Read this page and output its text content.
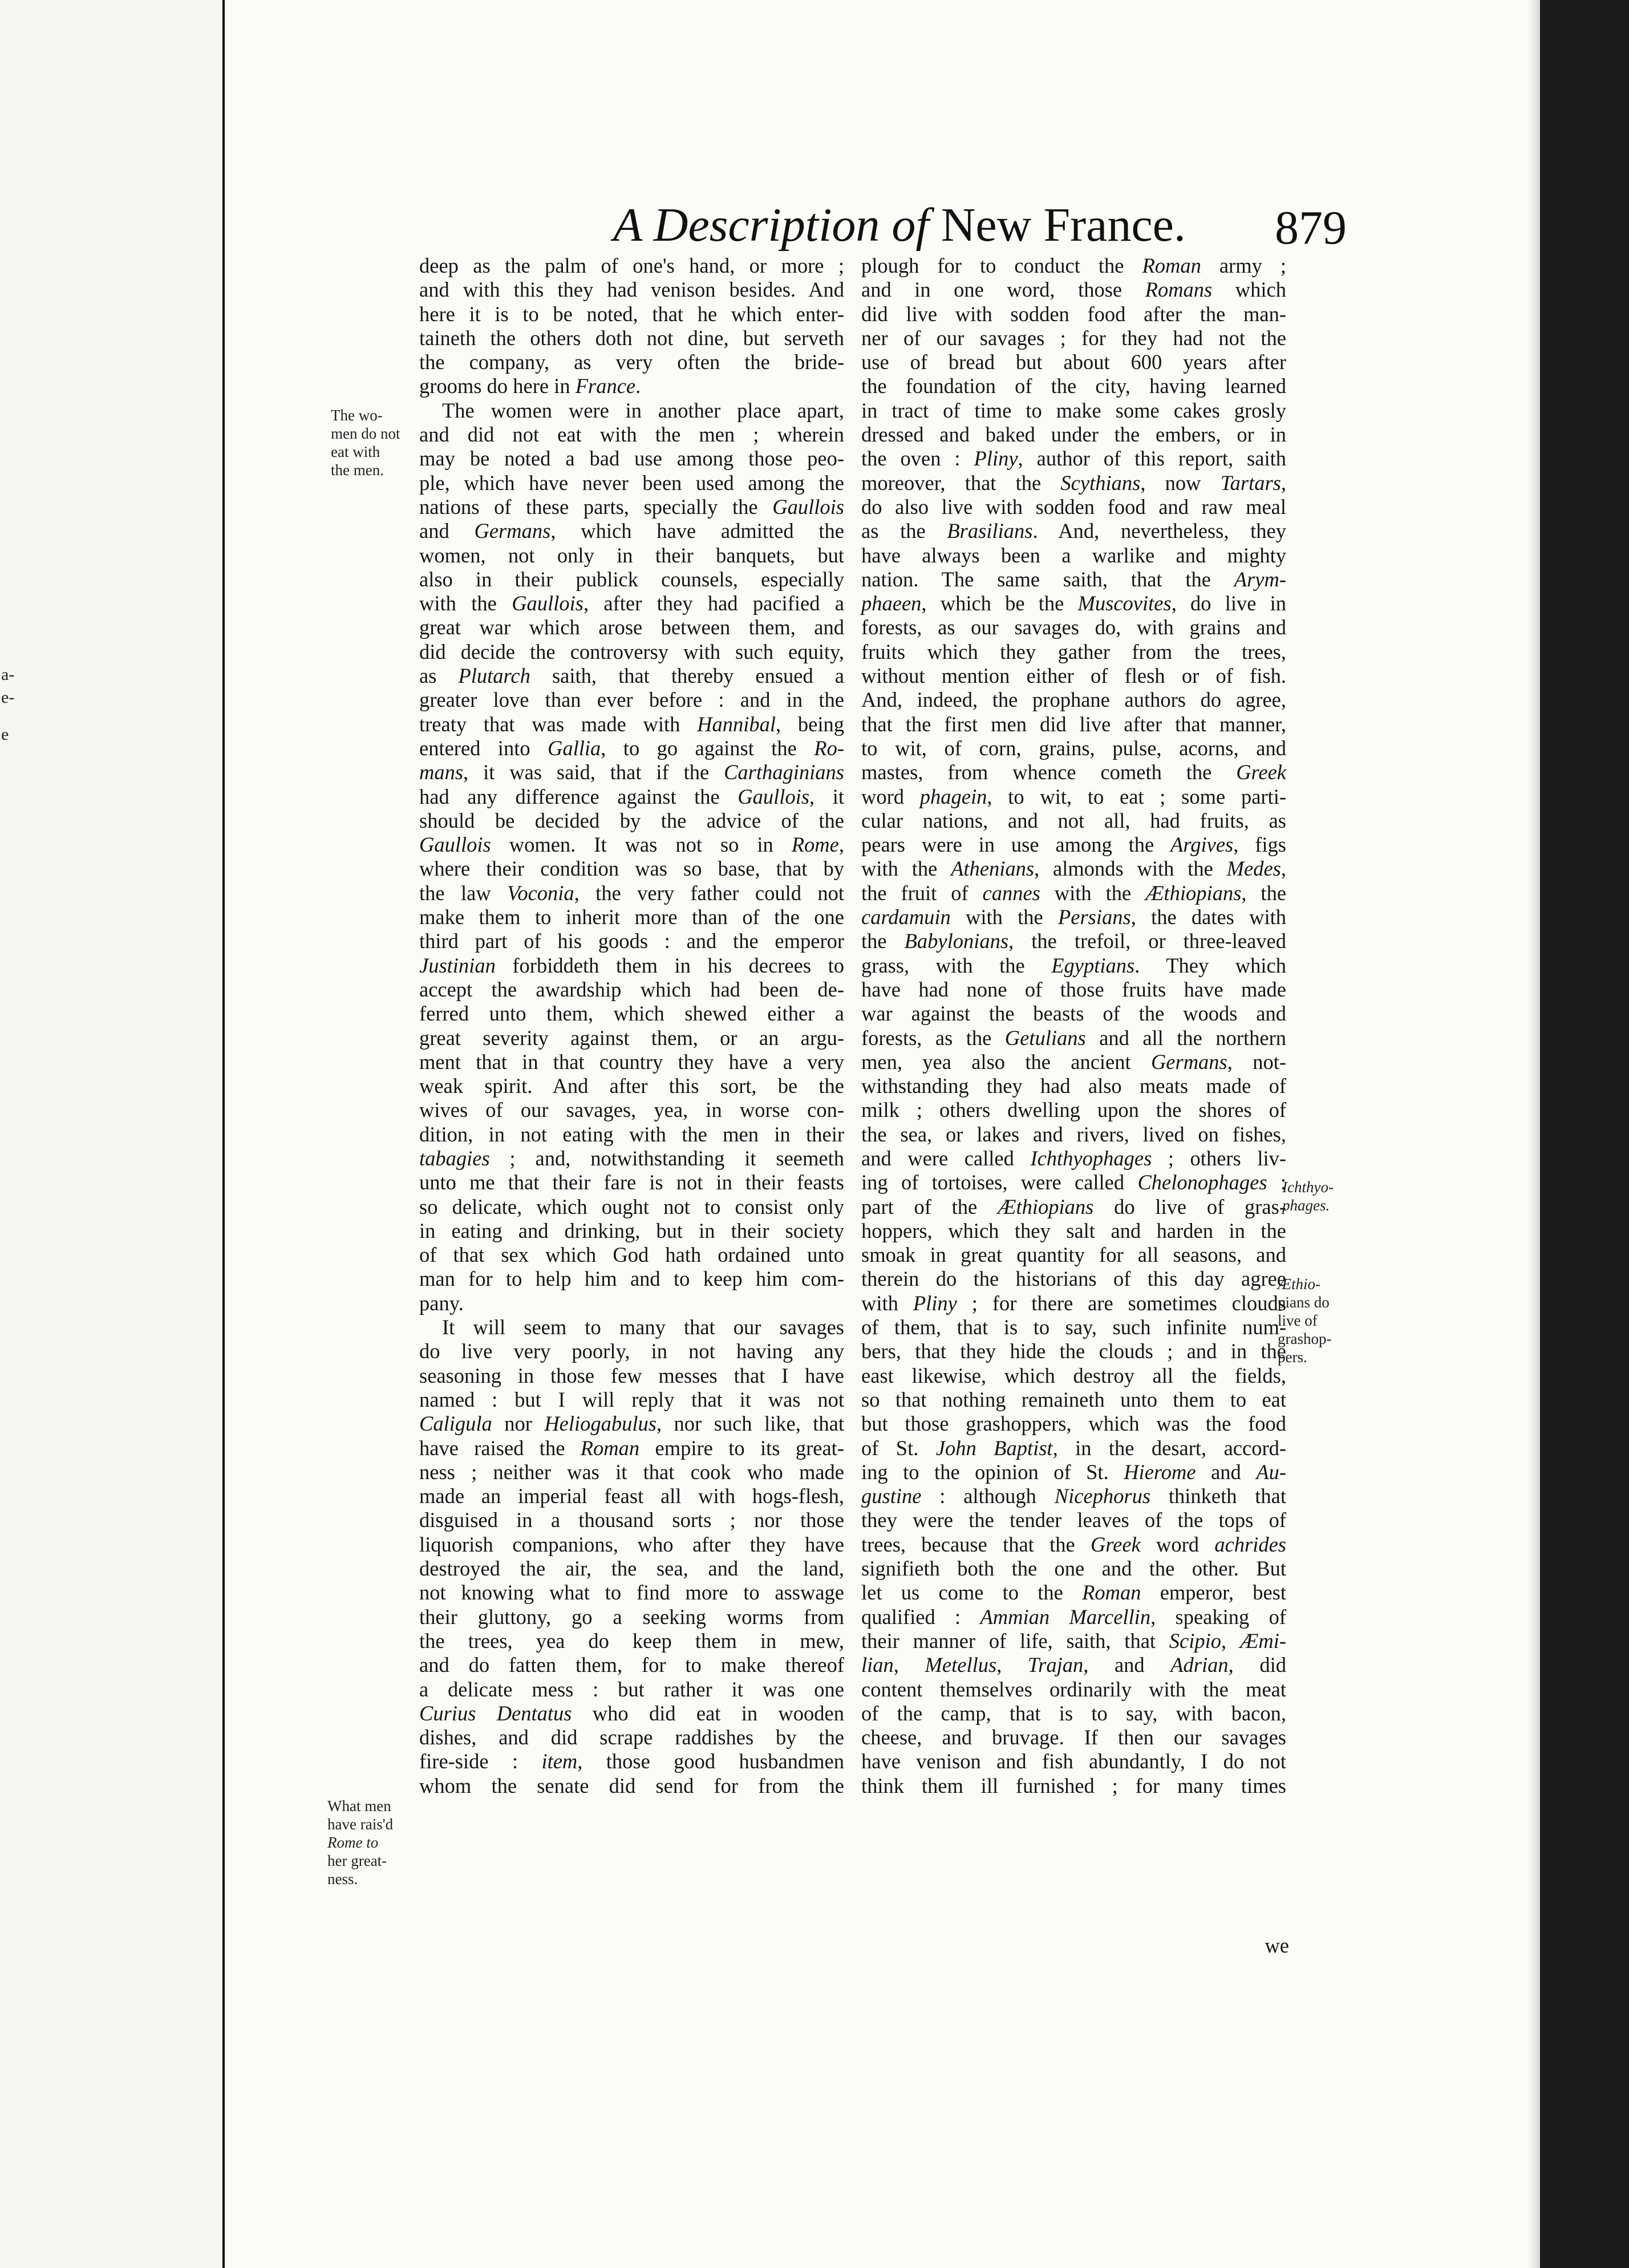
a-
e-
e
A Description of New France. 879
The wo-
men do not
eat with
the men.
What men
have rais'd
Rome to
her great-
ness.
Ichthyo-
phages.
Æthio-
pians do
live of
grashop-
pers.
deep as the palm of one's hand, or more ;
and with this they had venison besides. And
here it is to be noted, that he which enter-
taineth the others doth not dine, but serveth
the company, as very often the bride-
grooms do here in France.
The women were in another place apart,
and did not eat with the men ; wherein
may be noted a bad use among those peo-
ple, which have never been used among the
nations of these parts, specially the Gaullois
and Germans, which have admitted the
women, not only in their banquets, but
also in their publick counsels, especially
with the Gaullois, after they had pacified a
great war which arose between them, and
did decide the controversy with such equity,
as Plutarch saith, that thereby ensued a
greater love than ever before : and in the
treaty that was made with Hannibal, being
entered into Gallia, to go against the Ro-
mans, it was said, that if the Carthaginians
had any difference against the Gaullois, it
should be decided by the advice of the
Gaullois women. It was not so in Rome,
where their condition was so base, that by
the law Voconia, the very father could not
make them to inherit more than of the one
third part of his goods : and the emperor
Justinian forbiddeth them in his decrees to
accept the awardship which had been de-
ferred unto them, which shewed either a
great severity against them, or an argu-
ment that in that country they have a very
weak spirit. And after this sort, be the
wives of our savages, yea, in worse con-
dition, in not eating with the men in their
tabagies ; and, notwithstanding it seemeth
unto me that their fare is not in their feasts
so delicate, which ought not to consist only
in eating and drinking, but in their society
of that sex which God hath ordained unto
man for to help him and to keep him com-
pany.
It will seem to many that our savages
do live very poorly, in not having any
seasoning in those few messes that I have
named : but I will reply that it was not
Caligula nor Heliogabulus, nor such like, that
have raised the Roman empire to its great-
ness ; neither was it that cook who made
made an imperial feast all with hogs-flesh,
disguised in a thousand sorts ; nor those
liquorish companions, who after they have
destroyed the air, the sea, and the land,
not knowing what to find more to asswage
their gluttony, go a seeking worms from
the trees, yea do keep them in mew,
and do fatten them, for to make thereof
a delicate mess : but rather it was one
Curius Dentatus who did eat in wooden
dishes, and did scrape raddishes by the
fire-side : item, those good husbandmen
whom the senate did send for from the
plough for to conduct the Roman army ;
and in one word, those Romans which
did live with sodden food after the man-
ner of our savages ; for they had not the
use of bread but about 600 years after
the foundation of the city, having learned
in tract of time to make some cakes grosly
dressed and baked under the embers, or in
the oven : Pliny, author of this report, saith
moreover, that the Scythians, now Tartars,
do also live with sodden food and raw meal
as the Brasilians. And, nevertheless, they
have always been a warlike and mighty
nation. The same saith, that the Arym-
phaeen, which be the Muscovites, do live in
forests, as our savages do, with grains and
fruits which they gather from the trees,
without mention either of flesh or of fish.
And, indeed, the prophane authors do agree,
that the first men did live after that manner,
to wit, of corn, grains, pulse, acorns, and
mastes, from whence cometh the Greek
word phagein, to wit, to eat ; some parti-
cular nations, and not all, had fruits, as
pears were in use among the Argives, figs
with the Athenians, almonds with the Medes,
the fruit of cannes with the Æthiopians, the
cardamuin with the Persians, the dates with
the Babylonians, the trefoil, or three-leaved
grass, with the Egyptians. They which
have had none of those fruits have made
war against the beasts of the woods and
forests, as the Getulians and all the northern
men, yea also the ancient Germans, not-
withstanding they had also meats made of
milk ; others dwelling upon the shores of
the sea, or lakes and rivers, lived on fishes,
and were called Ichthyophages ; others liv-
ing of tortoises, were called Chelonophages :
part of the Æthiopians do live of gras-
hoppers, which they salt and harden in the
smoak in great quantity for all seasons, and
therein do the historians of this day agree
with Pliny ; for there are sometimes clouds
of them, that is to say, such infinite num-
bers, that they hide the clouds ; and in the
east likewise, which destroy all the fields,
so that nothing remaineth unto them to eat
but those grashoppers, which was the food
of St. John Baptist, in the desart, accord-
ing to the opinion of St. Hierome and Au-
gustine : although Nicephorus thinketh that
they were the tender leaves of the tops of
trees, because that the Greek word achrides
signifieth both the one and the other. But
let us come to the Roman emperor, best
qualified : Ammian Marcellin, speaking of
their manner of life, saith, that Scipio, Æmi-
lian, Metellus, Trajan, and Adrian, did
content themselves ordinarily with the meat
of the camp, that is to say, with bacon,
cheese, and bruvage. If then our savages
have venison and fish abundantly, I do not
think them ill furnished ; for many times
we
